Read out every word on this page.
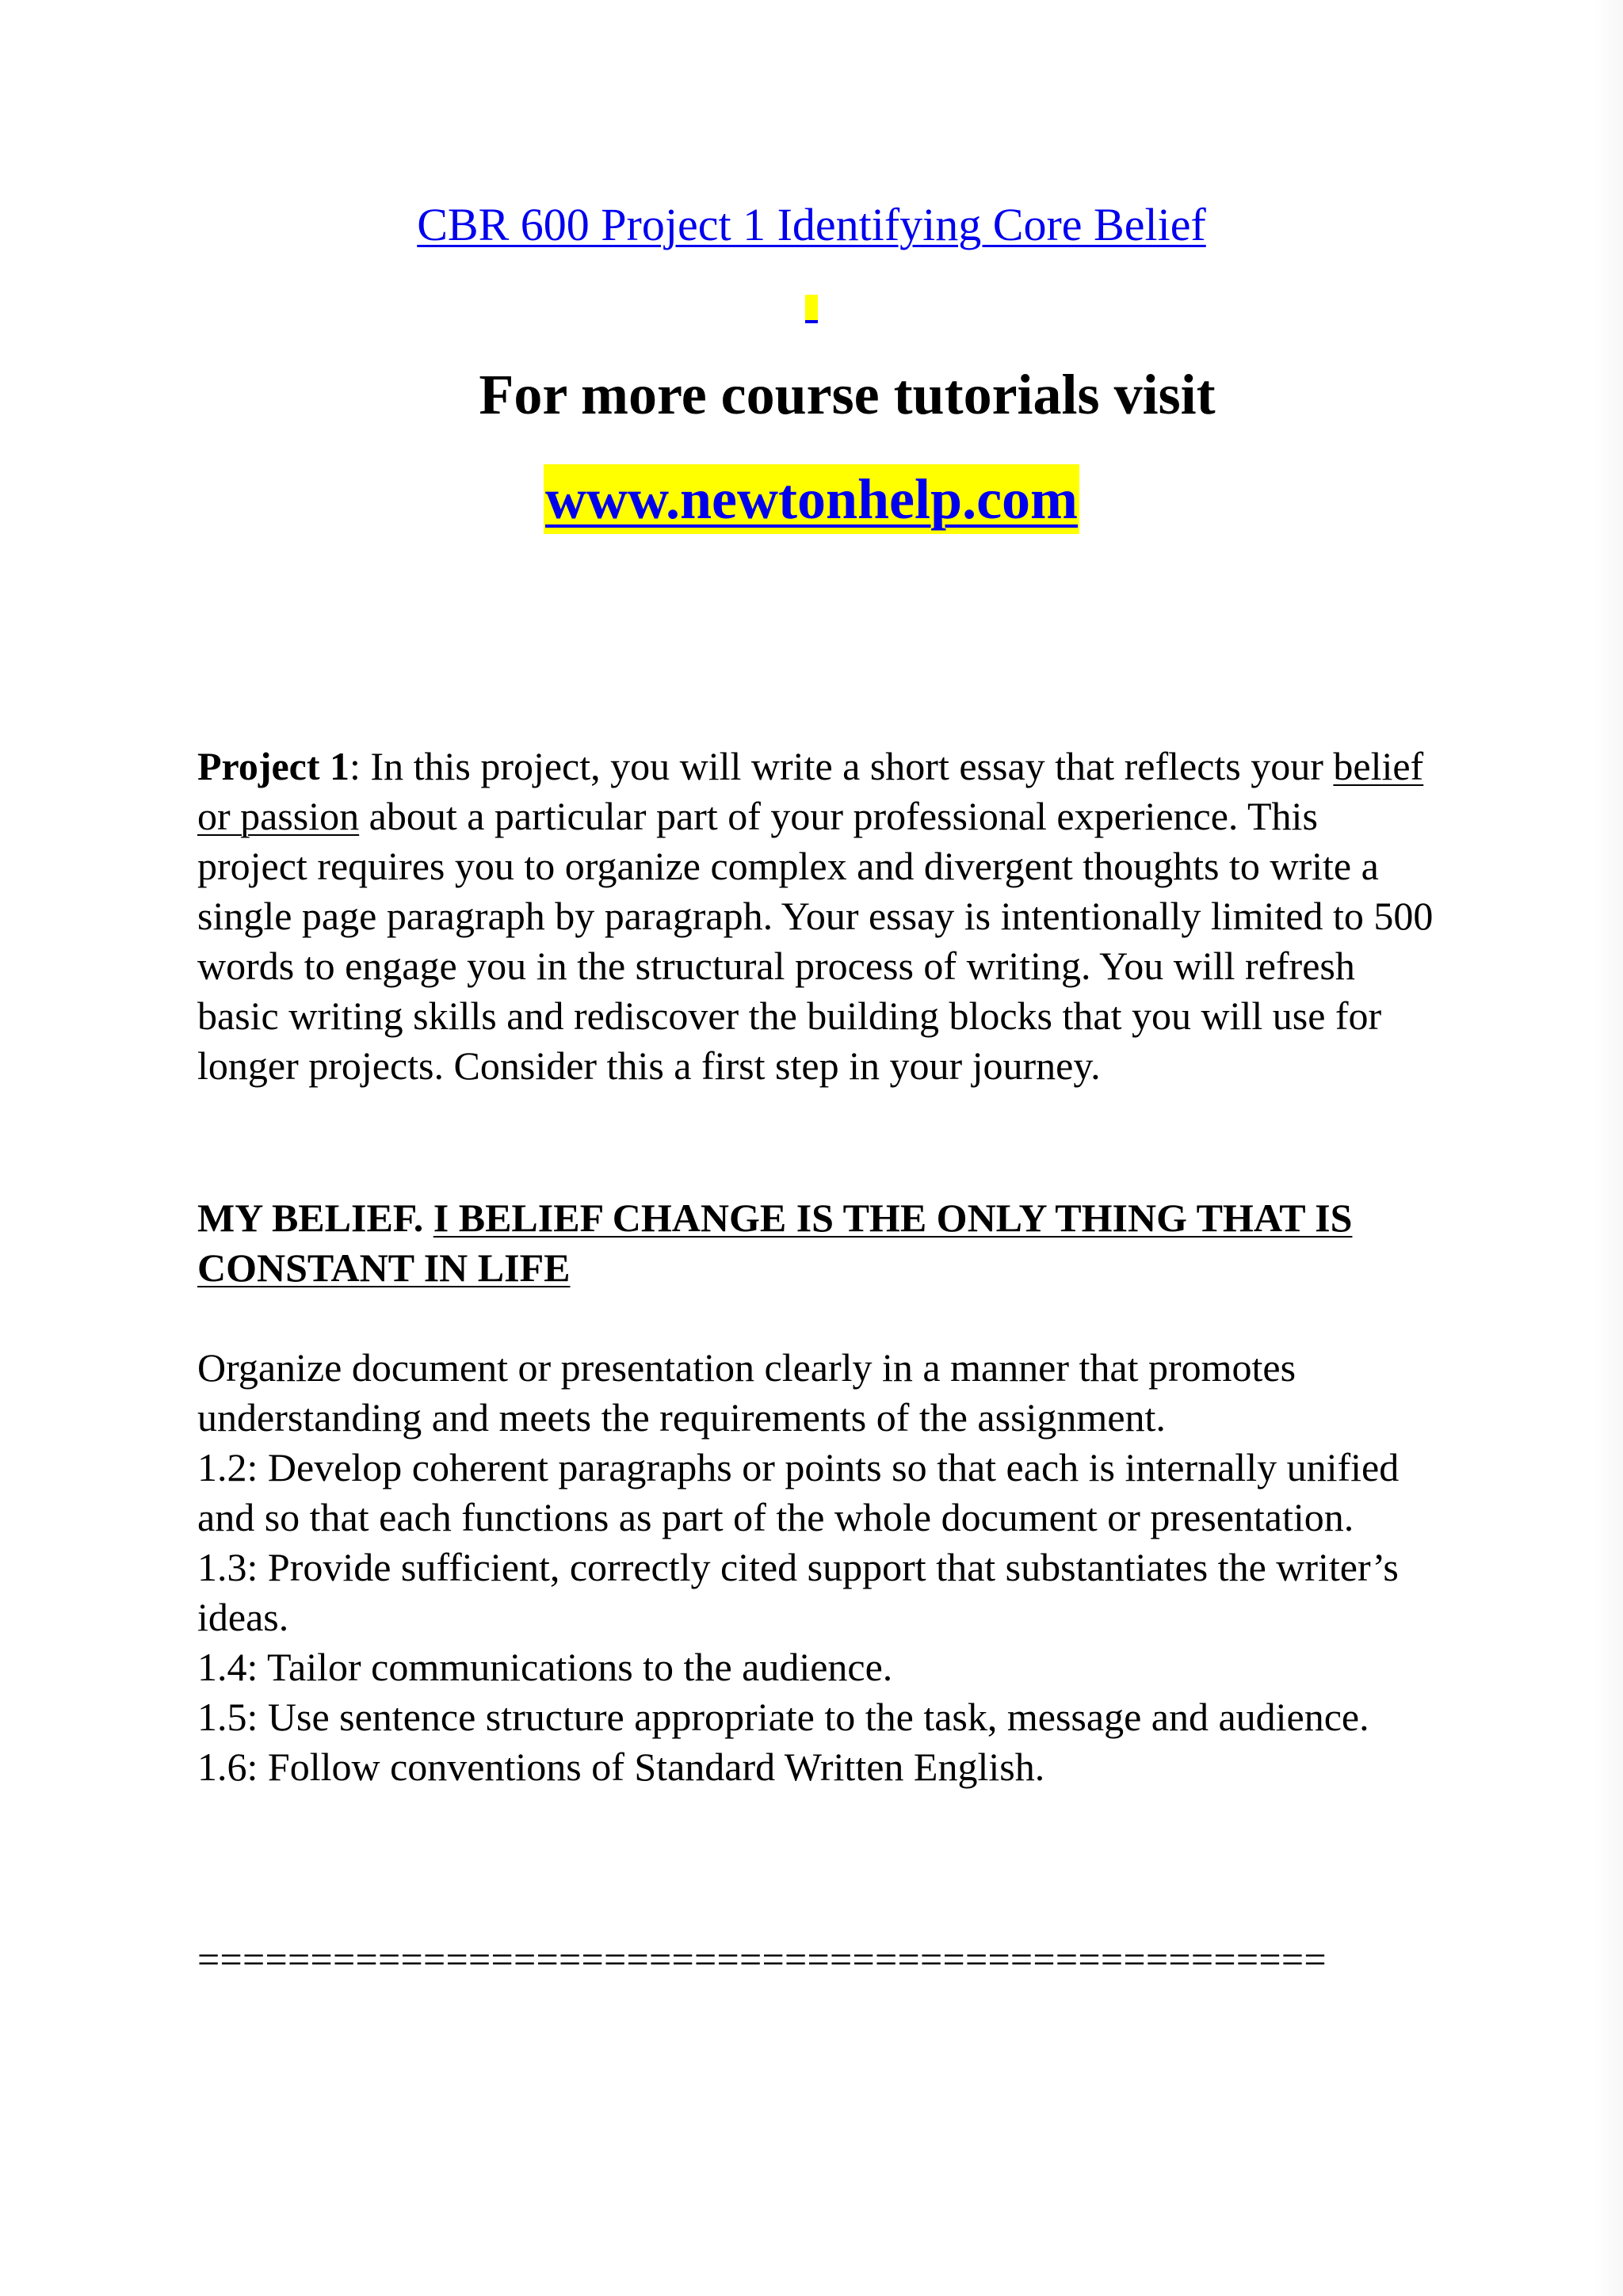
CBR 600 Project 1 Identifying Core Belief
For more course tutorials visit
www.newtonhelp.com

Project 1: In this project, you will write a short essay that reflects your belief or passion about a particular part of your professional experience. This project requires you to organize complex and divergent thoughts to write a single page paragraph by paragraph. Your essay is intentionally limited to 500 words to engage you in the structural process of writing. You will refresh basic writing skills and rediscover the building blocks that you will use for longer projects. Consider this a first step in your journey.

MY BELIEF. I BELIEF CHANGE IS THE ONLY THING THAT IS CONSTANT IN LIFE

Organize document or presentation clearly in a manner that promotes understanding and meets the requirements of the assignment.

1.2: Develop coherent paragraphs or points so that each is internally unified and so that each functions as part of the whole document or presentation.

1.3: Provide sufficient, correctly cited support that substantiates the writer’s ideas.

1.4: Tailor communications to the audience.

1.5: Use sentence structure appropriate to the task, message and audience.

1.6: Follow conventions of Standard Written English.

==================================================
